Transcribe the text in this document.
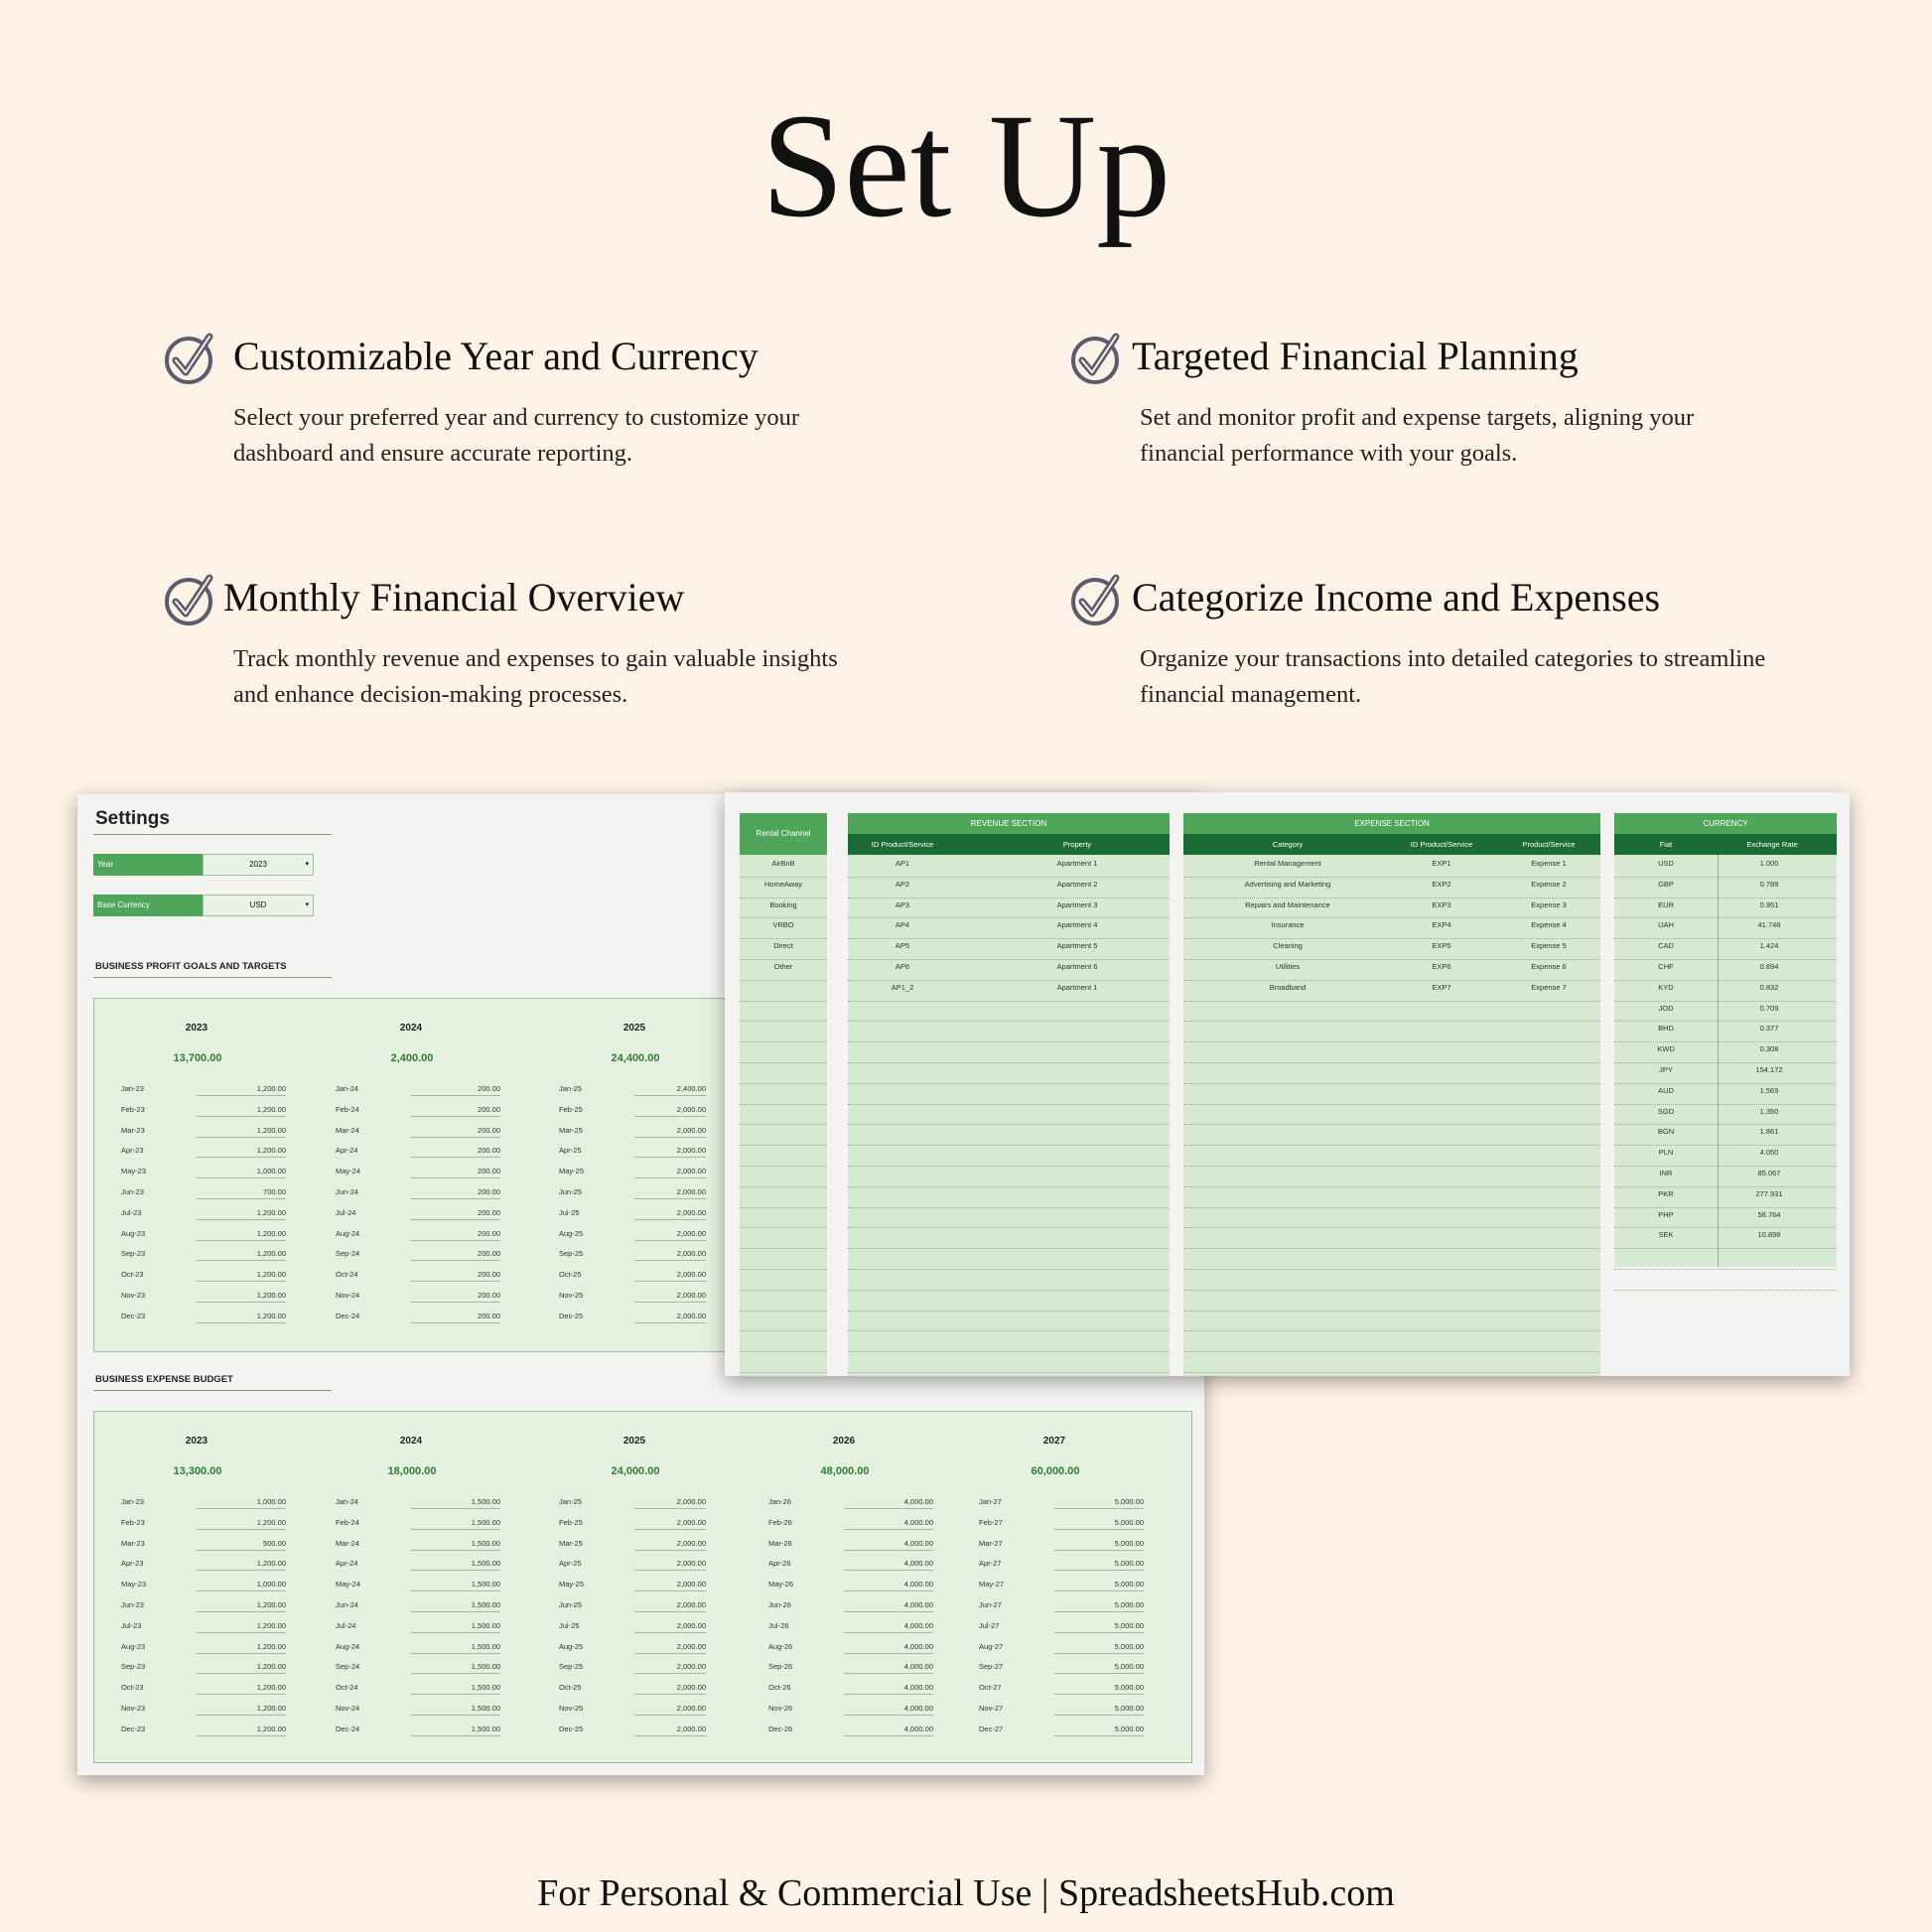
Set Up
Customizable Year and Currency

Select your preferred year and currency to customize your dashboard and ensure accurate reporting.

Targeted Financial Planning

Set and monitor profit and expense targets, aligning your financial performance with your goals.

Monthly Financial Overview

Track monthly revenue and expenses to gain valuable insights and enhance decision-making processes.

Categorize Income and Expenses

Organize your transactions into detailed categories to streamline financial management.

Settings
Year	2023	▾
Base Currency	USD	▾
BUSINESS PROFIT GOALS AND TARGETS
2023
13,700.00
Jan-23	1,200.00
Feb-23	1,200.00
Mar-23	1,200.00
Apr-23	1,200.00
May-23	1,000.00
Jun-23	700.00
Jul-23	1,200.00
Aug-23	1,200.00
Sep-23	1,200.00
Oct-23	1,200.00
Nov-23	1,200.00
Dec-23	1,200.00
2024
2,400.00
Jan-24	200.00
Feb-24	200.00
Mar-24	200.00
Apr-24	200.00
May-24	200.00
Jun-24	200.00
Jul-24	200.00
Aug-24	200.00
Sep-24	200.00
Oct-24	200.00
Nov-24	200.00
Dec-24	200.00
2025
24,400.00
Jan-25	2,400.00
Feb-25	2,000.00
Mar-25	2,000.00
Apr-25	2,000.00
May-25	2,000.00
Jun-25	2,000.00
Jul-25	2,000.00
Aug-25	2,000.00
Sep-25	2,000.00
Oct-25	2,000.00
Nov-25	2,000.00
Dec-25	2,000.00
BUSINESS EXPENSE BUDGET
2023
13,300.00
Jan-23	1,000.00
Feb-23	1,200.00
Mar-23	500.00
Apr-23	1,200.00
May-23	1,000.00
Jun-23	1,200.00
Jul-23	1,200.00
Aug-23	1,200.00
Sep-23	1,200.00
Oct-23	1,200.00
Nov-23	1,200.00
Dec-23	1,200.00
2024
18,000.00
Jan-24	1,500.00
Feb-24	1,500.00
Mar-24	1,500.00
Apr-24	1,500.00
May-24	1,500.00
Jun-24	1,500.00
Jul-24	1,500.00
Aug-24	1,500.00
Sep-24	1,500.00
Oct-24	1,500.00
Nov-24	1,500.00
Dec-24	1,500.00
2025
24,000.00
Jan-25	2,000.00
Feb-25	2,000.00
Mar-25	2,000.00
Apr-25	2,000.00
May-25	2,000.00
Jun-25	2,000.00
Jul-25	2,000.00
Aug-25	2,000.00
Sep-25	2,000.00
Oct-25	2,000.00
Nov-25	2,000.00
Dec-25	2,000.00
2026
48,000.00
Jan-26	4,000.00
Feb-26	4,000.00
Mar-26	4,000.00
Apr-26	4,000.00
May-26	4,000.00
Jun-26	4,000.00
Jul-26	4,000.00
Aug-26	4,000.00
Sep-26	4,000.00
Oct-26	4,000.00
Nov-26	4,000.00
Dec-26	4,000.00
2027
60,000.00
Jan-27	5,000.00
Feb-27	5,000.00
Mar-27	5,000.00
Apr-27	5,000.00
May-27	5,000.00
Jun-27	5,000.00
Jul-27	5,000.00
Aug-27	5,000.00
Sep-27	5,000.00
Oct-27	5,000.00
Nov-27	5,000.00
Dec-27	5,000.00
Rental Channel
AirBnB
HomeAway
Booking
VRBO
Direct
Other
REVENUE SECTION
ID Product/Service	Property
AP1	Apartment 1
AP2	Apartment 2
AP3	Apartment 3
AP4	Apartment 4
AP5	Apartment 5
AP6	Apartment 6
AP1_2	Apartment 1
EXPENSE SECTION
Category	ID Product/Service	Product/Service
Rental Management	EXP1	Expense 1
Advertising and Marketing	EXP2	Expense 2
Repairs and Maintenance	EXP3	Expense 3
Insurance	EXP4	Expense 4
Cleaning	EXP5	Expense 5
Utilities	EXP6	Expense 6
Broadband	EXP7	Expense 7
CURRENCY
Fiat	Exchange Rate
USD	1.000
GBP	0.789
EUR	0.951
UAH	41.748
CAD	1.424
CHF	0.894
KYD	0.832
JOD	0.709
BHD	0.377
KWD	0.308
JPY	154.172
AUD	1.569
SGD	1.350
BGN	1.861
PLN	4.050
INR	85.067
PKR	277.931
PHP	58.764
SEK	10.898
For Personal & Commercial Use | SpreadsheetsHub.com
